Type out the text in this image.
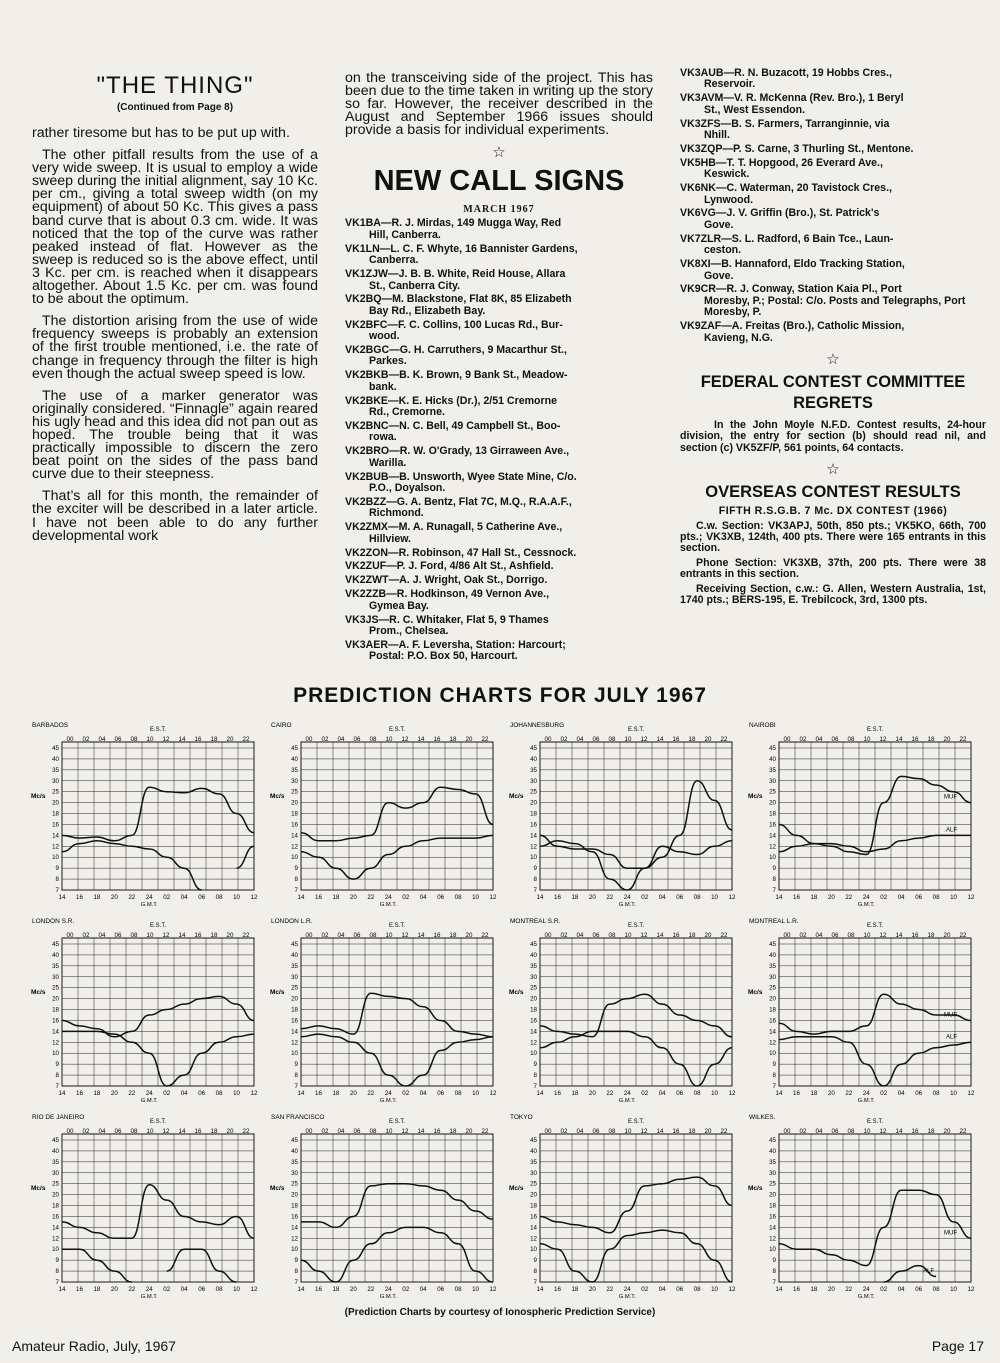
"THE THING"
(Continued from Page 8)

rather tiresome but has to be put up with.

The other pitfall results from the use of a very wide sweep. It is usual to employ a wide sweep during the initial alignment, say 10 Kc. per cm., giving a total sweep width (on my equipment) of about 50 Kc. This gives a pass band curve that is about 0.3 cm. wide. It was noticed that the top of the curve was rather peaked instead of flat. However as the sweep is reduced so is the above effect, until 3 Kc. per cm. is reached when it disappears altogether. About 1.5 Kc. per cm. was found to be about the optimum.

The distortion arising from the use of wide frequency sweeps is probably an extension of the first trouble mentioned, i.e. the rate of change in frequency through the filter is high even though the actual sweep speed is low.

The use of a marker generator was originally considered. “Finnagle” again reared his ugly head and this idea did not pan out as hoped. The trouble being that it was practically impossible to discern the zero beat point on the sides of the pass band curve due to their steepness.

That’s all for this month, the remainder of the exciter will be described in a later article. I have not been able to do any further developmental work

on the transceiving side of the project. This has been due to the time taken in writing up the story so far. However, the receiver described in the August and September 1966 issues should provide a basis for individual experiments.

☆
NEW CALL SIGNS
MARCH 1967

VK1BA—R. J. Mirdas, 149 Mugga Way, Red
Hill, Canberra.

VK1LN—L. C. F. Whyte, 16 Bannister Gardens,
Canberra.

VK1ZJW—J. B. B. White, Reid House, Allara
St., Canberra City.

VK2BQ—M. Blackstone, Flat 8K, 85 Elizabeth
Bay Rd., Elizabeth Bay.

VK2BFC—F. C. Collins, 100 Lucas Rd., Bur-
wood.

VK2BGC—G. H. Carruthers, 9 Macarthur St.,
Parkes.

VK2BKB—B. K. Brown, 9 Bank St., Meadow-
bank.

VK2BKE—K. E. Hicks (Dr.), 2/51 Cremorne
Rd., Cremorne.

VK2BNC—N. C. Bell, 49 Campbell St., Boo-
rowa.

VK2BRO—R. W. O'Grady, 13 Girraween Ave.,
Warilla.

VK2BUB—B. Unsworth, Wyee State Mine, C/o.
P.O., Doyalson.

VK2BZZ—G. A. Bentz, Flat 7C, M.Q., R.A.A.F.,
Richmond.

VK2ZMX—M. A. Runagall, 5 Catherine Ave.,
Hillview.

VK2ZON—R. Robinson, 47 Hall St., Cessnock.

VK2ZUF—P. J. Ford, 4/86 Alt St., Ashfield.

VK2ZWT—A. J. Wright, Oak St., Dorrigo.

VK2ZZB—R. Hodkinson, 49 Vernon Ave.,
Gymea Bay.

VK3JS—R. C. Whitaker, Flat 5, 9 Thames
Prom., Chelsea.

VK3AER—A. F. Leversha, Station: Harcourt;
Postal: P.O. Box 50, Harcourt.

VK3AUB—R. N. Buzacott, 19 Hobbs Cres.,
Reservoir.

VK3AVM—V. R. McKenna (Rev. Bro.), 1 Beryl
St., West Essendon.

VK3ZFS—B. S. Farmers, Tarranginnie, via
Nhill.

VK3ZQP—P. S. Carne, 3 Thurling St., Mentone.

VK5HB—T. T. Hopgood, 26 Everard Ave.,
Keswick.

VK6NK—C. Waterman, 20 Tavistock Cres.,
Lynwood.

VK6VG—J. V. Griffin (Bro.), St. Patrick's
Gove.

VK7ZLR—S. L. Radford, 6 Bain Tce., Laun-
ceston.

VK8XI—B. Hannaford, Eldo Tracking Station,
Gove.

VK9CR—R. J. Conway, Station Kaia Pl., Port
Moresby, P.; Postal: C/o. Posts and Telegraphs, Port Moresby, P.

VK9ZAF—A. Freitas (Bro.), Catholic Mission,
Kavieng, N.G.

☆
FEDERAL CONTEST COMMITTEE REGRETS

In the John Moyle N.F.D. Contest results, 24-hour division, the entry for section (b) should read nil, and section (c) VK5ZF/P, 561 points, 64 contacts.

☆
OVERSEAS CONTEST RESULTS

FIFTH R.S.G.B. 7 Mc. DX CONTEST (1966)

C.w. Section: VK3APJ, 50th, 850 pts.; VK5KO, 66th, 700 pts.; VK3XB, 124th, 400 pts. There were 165 entrants in this section.

Phone Section: VK3XB, 37th, 200 pts. There were 38 entrants in this section.

Receiving Section, c.w.: G. Allen, Western Australia, 1st, 1740 pts.; BERS-195, E. Trebilcock, 3rd, 1300 pts.

PREDICTION CHARTS FOR JULY 1967
BARBADOS
E.S.T.
00 02 04 06 08 10 12 14 16 18 20 22
45
40
35
30
25
20
18
16
14
12
10
9
8
7
Mc/s
14 16 18 20 22 24 02 04 06 08 10 12
G.M.T.
CAIRO
E.S.T.
00 02 04 06 08 10 12 14 16 18 20 22
45
40
35
30
25
20
18
16
14
12
10
9
8
7
Mc/s
14 16 18 20 22 24 02 04 06 08 10 12
G.M.T.
JOHANNESBURG
E.S.T.
00 02 04 06 08 10 12 14 16 18 20 22
45
40
35
30
25
20
18
16
14
12
10
9
8
7
Mc/s
14 16 18 20 22 24 02 04 06 08 10 12
G.M.T.
NAIROBI
E.S.T.
00 02 04 06 08 10 12 14 16 18 20 22
45
40
35
30
25
20
18
16
14
12
10
9
8
7
Mc/s
14 16 18 20 22 24 02 04 06 08 10 12
G.M.T.
MUF
ALF
LONDON S.R.
E.S.T.
00 02 04 06 08 10 12 14 16 18 20 22
45
40
35
30
25
20
18
16
14
12
10
9
8
7
Mc/s
14 16 18 20 22 24 02 04 06 08 10 12
G.M.T.
LONDON L.R.
E.S.T.
00 02 04 06 08 10 12 14 16 18 20 22
45
40
35
30
25
20
18
16
14
12
10
9
8
7
Mc/s
14 16 18 20 22 24 02 04 06 08 10 12
G.M.T.
MONTREAL S.R.
E.S.T.
00 02 04 06 08 10 12 14 16 18 20 22
45
40
35
30
25
20
18
16
14
12
10
9
8
7
Mc/s
14 16 18 20 22 24 02 04 06 08 10 12
G.M.T.
MONTREAL L.R.
E.S.T.
00 02 04 06 08 10 12 14 16 18 20 22
45
40
35
30
25
20
18
16
14
12
10
9
8
7
Mc/s
14 16 18 20 22 24 02 04 06 08 10 12
G.M.T.
MUF
ALF
RIO DE JANEIRO
E.S.T.
00 02 04 06 08 10 12 14 16 18 20 22
45
40
35
30
25
20
18
16
14
12
10
9
8
7
Mc/s
14 16 18 20 22 24 02 04 06 08 10 12
G.M.T.
SAN FRANCISCO
E.S.T.
00 02 04 06 08 10 12 14 16 18 20 22
45
40
35
30
25
20
18
16
14
12
10
9
8
7
Mc/s
14 16 18 20 22 24 02 04 06 08 10 12
G.M.T.
TOKYO
E.S.T.
00 02 04 06 08 10 12 14 16 18 20 22
45
40
35
30
25
20
18
16
14
12
10
9
8
7
Mc/s
14 16 18 20 22 24 02 04 06 08 10 12
G.M.T.
WILKES.
E.S.T.
00 02 04 06 08 10 12 14 16 18 20 22
45
40
35
30
25
20
18
16
14
12
10
9
8
7
Mc/s
14 16 18 20 22 24 02 04 06 08 10 12
G.M.T.
MUF
ALF
(Prediction Charts by courtesy of Ionospheric Prediction Service)
Amateur Radio, July, 1967	Page 17
